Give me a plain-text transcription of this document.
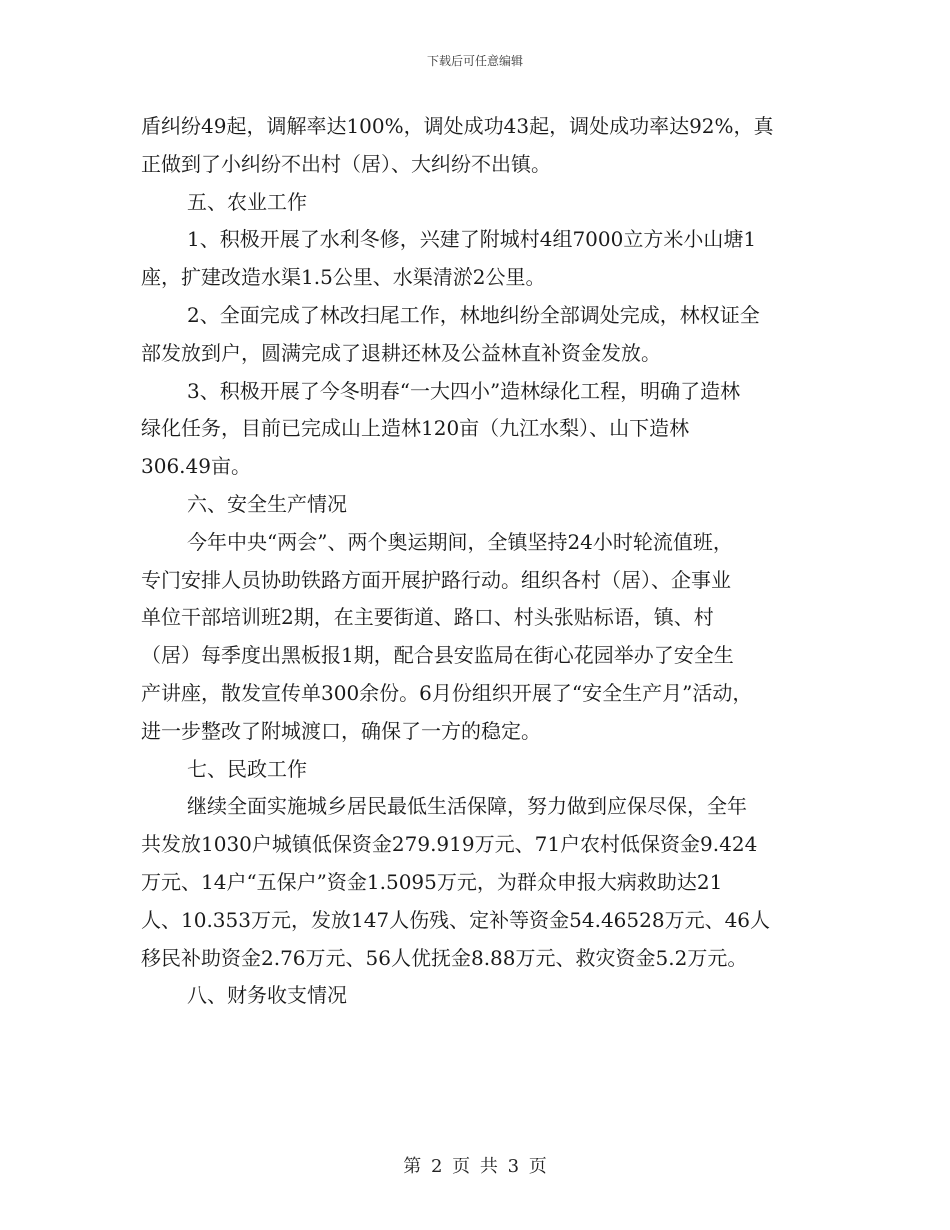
下载后可任意编辑
盾纠纷49起，调解率达100%，调处成功43起，调处成功率达92%，真
正做到了小纠纷不出村（居）、大纠纷不出镇。
五、农业工作
1、积极开展了水利冬修，兴建了附城村4组7000立方米小山塘1
座，扩建改造水渠1.5公里、水渠清淤2公里。
2、全面完成了林改扫尾工作，林地纠纷全部调处完成，林权证全
部发放到户，圆满完成了退耕还林及公益林直补资金发放。
3、积极开展了今冬明春“一大四小”造林绿化工程，明确了造林
绿化任务，目前已完成山上造林120亩（九江水梨）、山下造林
306.49亩。
六、安全生产情况
今年中央“两会”、两个奥运期间，全镇坚持24小时轮流值班，
专门安排人员协助铁路方面开展护路行动。组织各村（居）、企事业
单位干部培训班2期，在主要街道、路口、村头张贴标语，镇、村
（居）每季度出黑板报1期，配合县安监局在街心花园举办了安全生
产讲座，散发宣传单300余份。6月份组织开展了“安全生产月”活动，
进一步整改了附城渡口，确保了一方的稳定。
七、民政工作
继续全面实施城乡居民最低生活保障，努力做到应保尽保，全年
共发放1030户城镇低保资金279.919万元、71户农村低保资金9.424
万元、14户“五保户”资金1.5095万元，为群众申报大病救助达21
人、10.353万元，发放147人伤残、定补等资金54.46528万元、46人
移民补助资金2.76万元、56人优抚金8.88万元、救灾资金5.2万元。
八、财务收支情况
第 2 页 共 3 页
